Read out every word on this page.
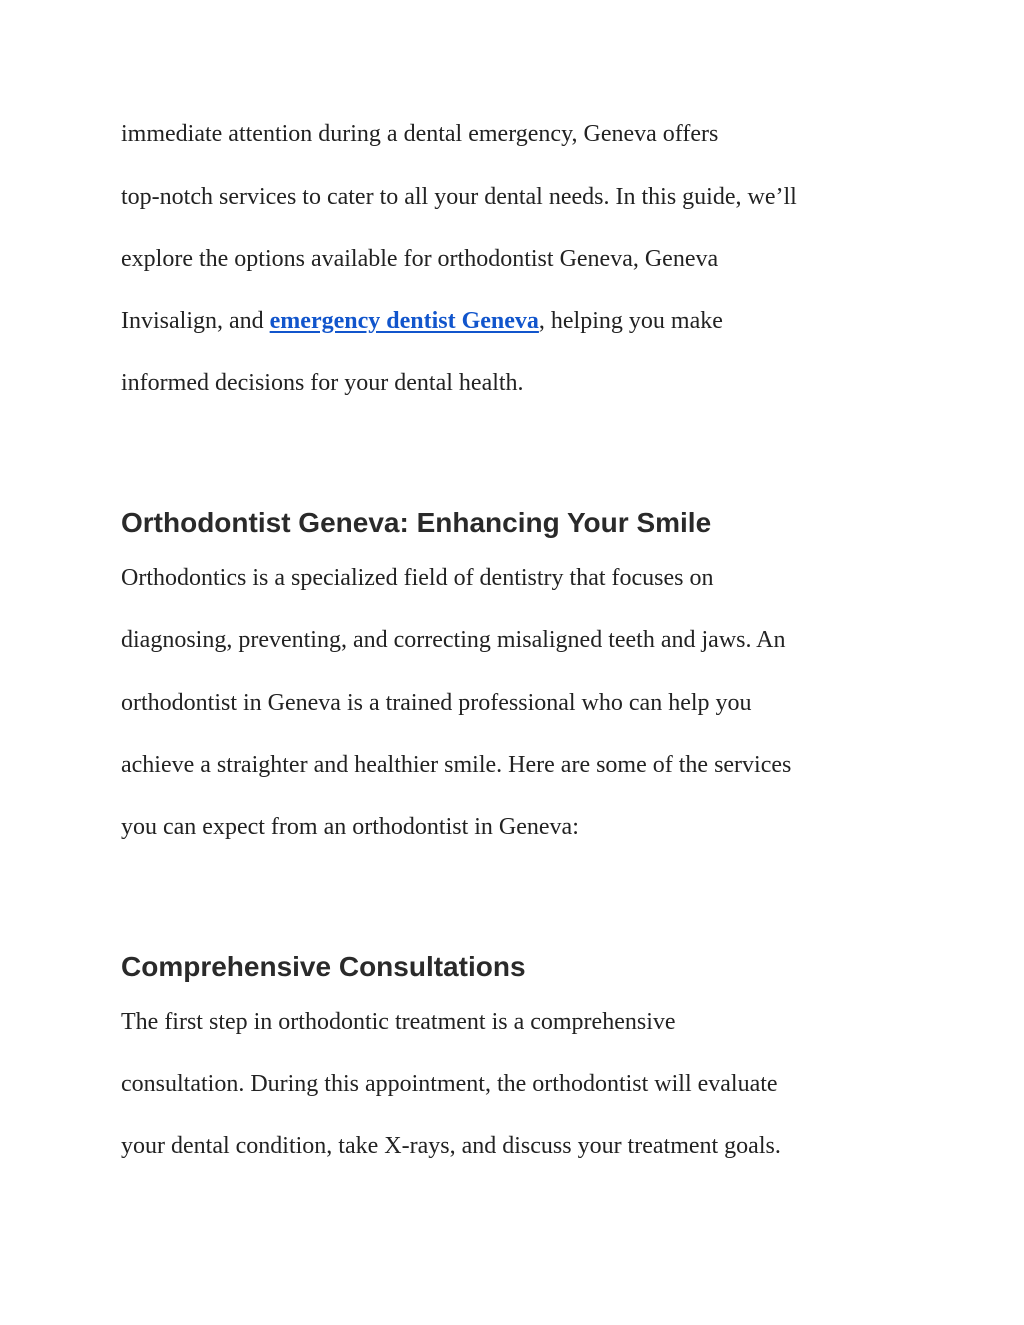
immediate attention during a dental emergency, Geneva offers

top-notch services to cater to all your dental needs. In this guide, we’ll

explore the options available for orthodontist Geneva, Geneva

Invisalign, and emergency dentist Geneva, helping you make

informed decisions for your dental health.

Orthodontist Geneva: Enhancing Your Smile

Orthodontics is a specialized field of dentistry that focuses on

diagnosing, preventing, and correcting misaligned teeth and jaws. An

orthodontist in Geneva is a trained professional who can help you

achieve a straighter and healthier smile. Here are some of the services

you can expect from an orthodontist in Geneva:

Comprehensive Consultations

The first step in orthodontic treatment is a comprehensive

consultation. During this appointment, the orthodontist will evaluate

your dental condition, take X-rays, and discuss your treatment goals.
